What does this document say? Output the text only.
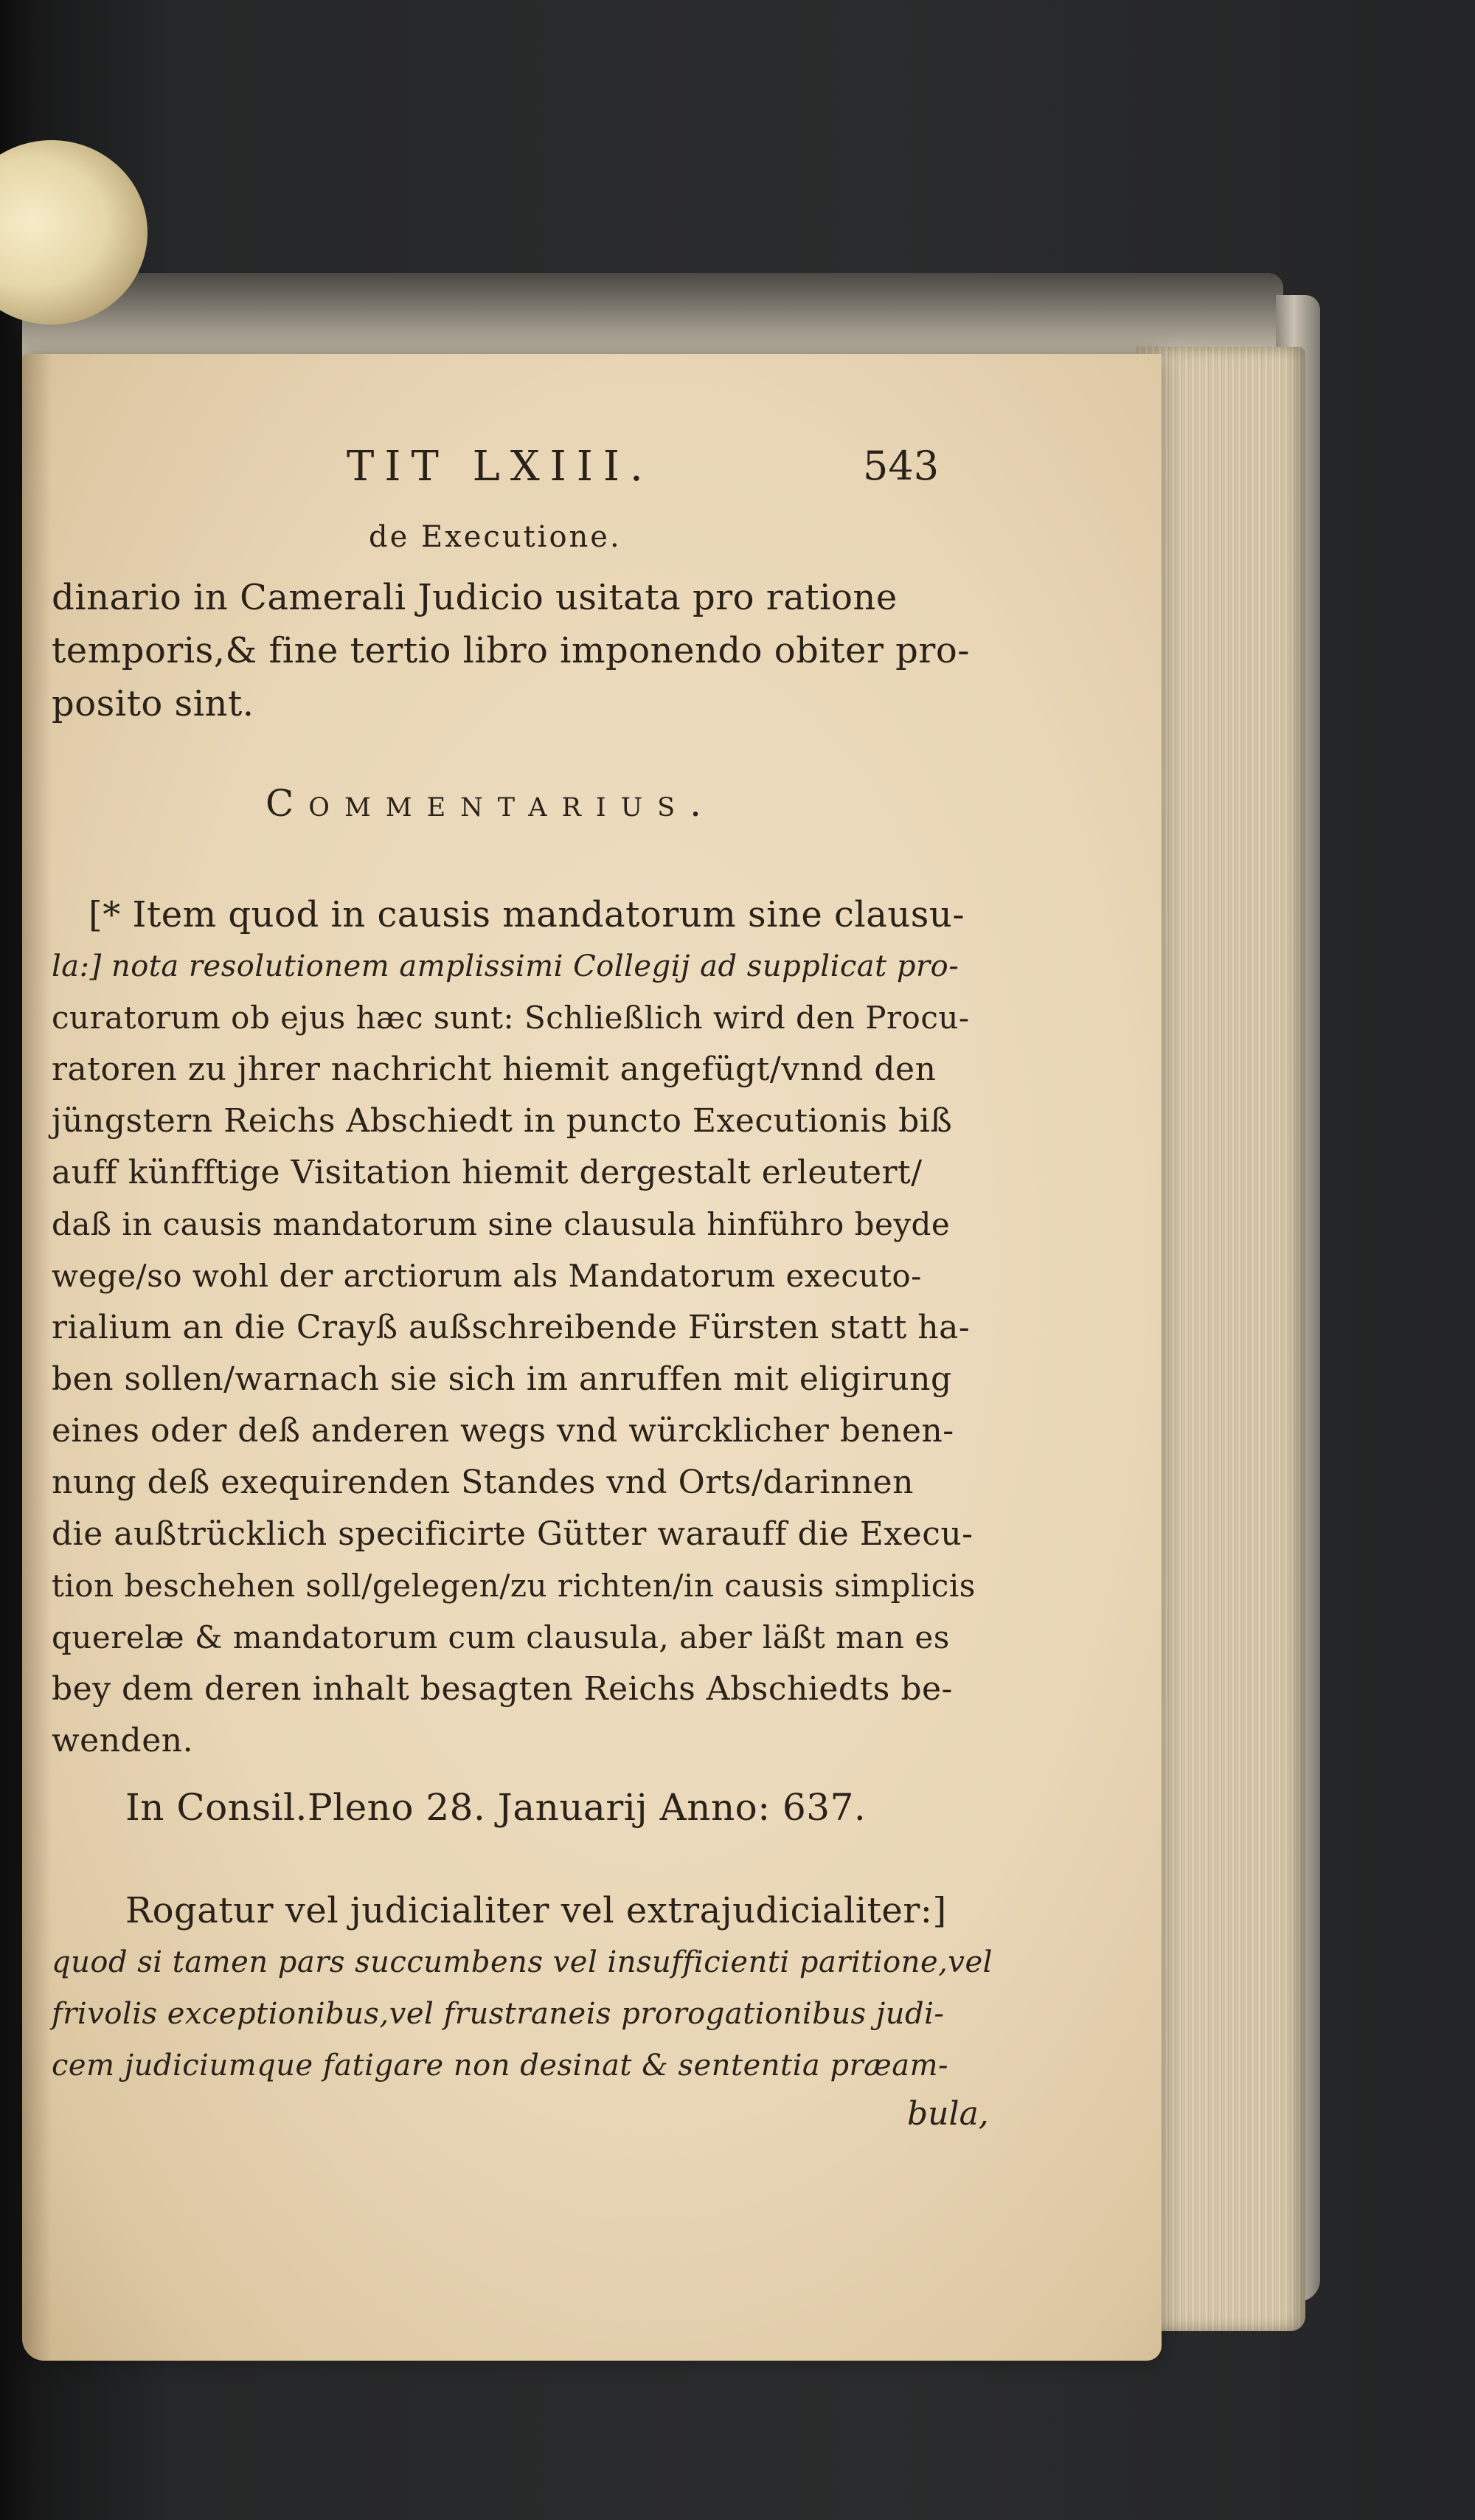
TIT LXIII.	543
de Executione.
dinario in Camerali Judicio usitata pro ratione
temporis,& fine tertio libro imponendo obiter pro-
posito sint.
Commentarius.
[* Item quod in causis mandatorum sine clausu-
la:] nota resolutionem amplissimi Collegij ad supplicat pro-
curatorum ob ejus hæc sunt: Schließlich wird den Procu-
ratoren zu jhrer nachricht hiemit angefügt/vnnd den
jüngstern Reichs Abschiedt in puncto Executionis biß
auff künfftige Visitation hiemit dergestalt erleutert/
daß in causis mandatorum sine clausula hinführo beyde
wege/so wohl der arctiorum als Mandatorum executo-
rialium an die Crayß außschreibende Fürsten statt ha-
ben sollen/warnach sie sich im anruffen mit eligirung
eines oder deß anderen wegs vnd würcklicher benen-
nung deß exequirenden Standes vnd Orts/darinnen
die außtrücklich specificirte Gütter warauff die Execu-
tion beschehen soll/gelegen/zu richten/in causis simplicis
querelæ & mandatorum cum clausula, aber läßt man es
bey dem deren inhalt besagten Reichs Abschiedts be-
wenden.
In Consil.Pleno 28. Januarij Anno: 637.
Rogatur vel judicialiter vel extrajudicialiter:]
quod si tamen pars succumbens vel insufficienti paritione,vel
frivolis exceptionibus,vel frustraneis prorogationibus judi-
cem judiciumque fatigare non desinat & sententia præam-
bula,
